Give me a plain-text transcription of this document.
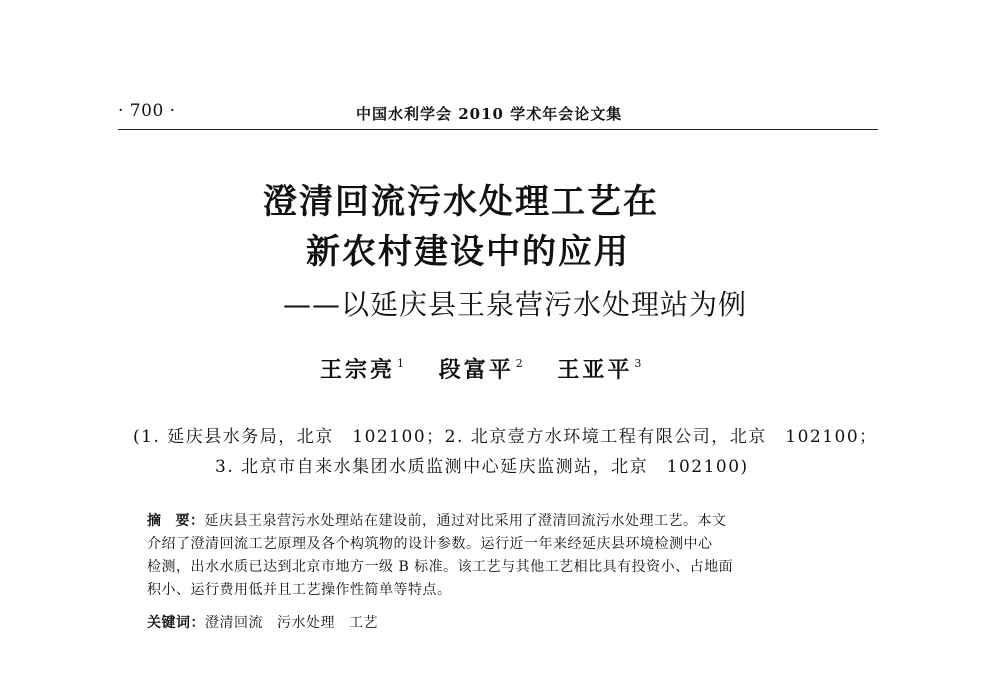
· 700 ·	中国水利学会 2010 学术年会论文集
澄清回流污水处理工艺在
新农村建设中的应用
——以延庆县王泉营污水处理站为例
王宗亮 $^1$ 段富平 $^2$ 王亚平 $^3$
(1. 延庆县水务局，北京　102100；2. 北京壹方水环境工程有限公司，北京　102100；
3. 北京市自来水集团水质监测中心延庆监测站，北京　102100)
摘 要：延庆县王泉营污水处理站在建设前，通过对比采用了澄清回流污水处理工艺。本文
介绍了澄清回流工艺原理及各个构筑物的设计参数。运行近一年来经延庆县环境检测中心
检测，出水水质已达到北京市地方一级 B 标准。该工艺与其他工艺相比具有投资小、占地面
积小、运行费用低并且工艺操作性简单等特点。
关键词：澄清回流 污水处理 工艺
